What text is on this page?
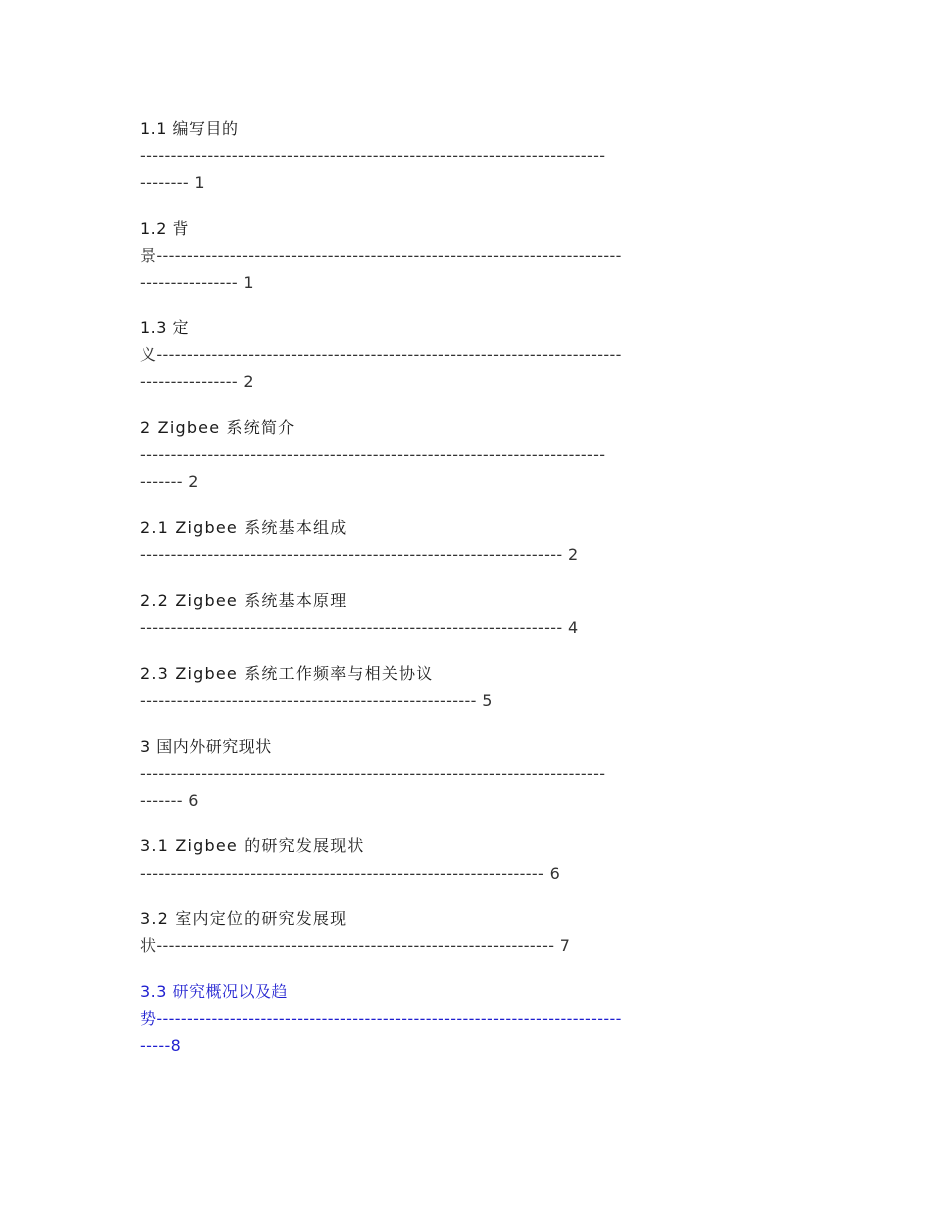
1.1 编写目的
----------------------------------------------------------------------------
-------- 1
1.2 背
景----------------------------------------------------------------------------
---------------- 1
1.3 定
义----------------------------------------------------------------------------
---------------- 2
2 Zigbee 系统简介
----------------------------------------------------------------------------
------- 2
2.1 Zigbee 系统基本组成
--------------------------------------------------------------------- 2
2.2 Zigbee 系统基本原理
--------------------------------------------------------------------- 4
2.3 Zigbee 系统工作频率与相关协议
------------------------------------------------------- 5
3 国内外研究现状
----------------------------------------------------------------------------
------- 6
3.1 Zigbee 的研究发展现状
------------------------------------------------------------------ 6
3.2 室内定位的研究发展现
状----------------------------------------------------------------- 7
3.3 研究概况以及趋
势----------------------------------------------------------------------------
-----8
